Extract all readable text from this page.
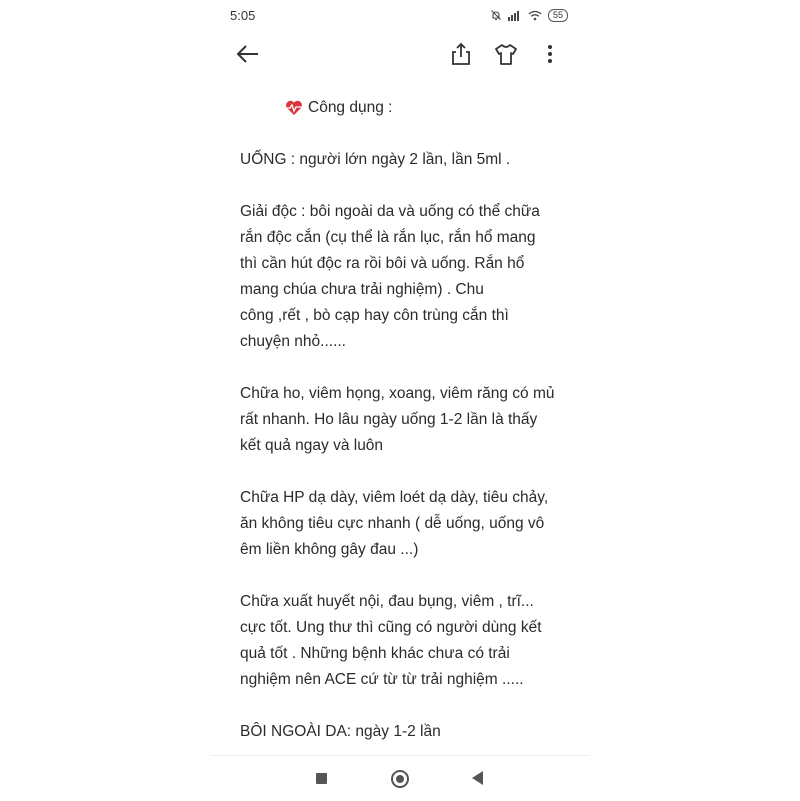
5:05	55
Công dụng :
UỐNG : người lớn ngày 2 lần, lần 5ml .
Giải độc : bôi ngoài da và uống có thể chữa
rắn độc cắn (cụ thể là rắn lục, rắn hổ mang
thì cần hút độc ra rồi bôi và uống. Rắn hổ
mang chúa chưa trải nghiệm) . Chu
công ,rết , bò cạp hay côn trùng cắn thì
chuyện nhỏ......
Chữa ho, viêm họng, xoang, viêm răng có mủ
rất nhanh. Ho lâu ngày uống 1-2 lần là thấy
kết quả ngay và luôn
Chữa HP dạ dày, viêm loét dạ dày, tiêu chảy,
ăn không tiêu cực nhanh ( dễ uống, uống vô
êm liền không gây đau ...)
Chữa xuất huyết nội, đau bụng, viêm , trĩ...
cực tốt. Ung thư thì cũng có người dùng kết
quả tốt . Những bệnh khác chưa có trải
nghiệm nên ACE cứ từ từ trải nghiệm .....
BÔI NGOÀI DA: ngày 1-2 lần
